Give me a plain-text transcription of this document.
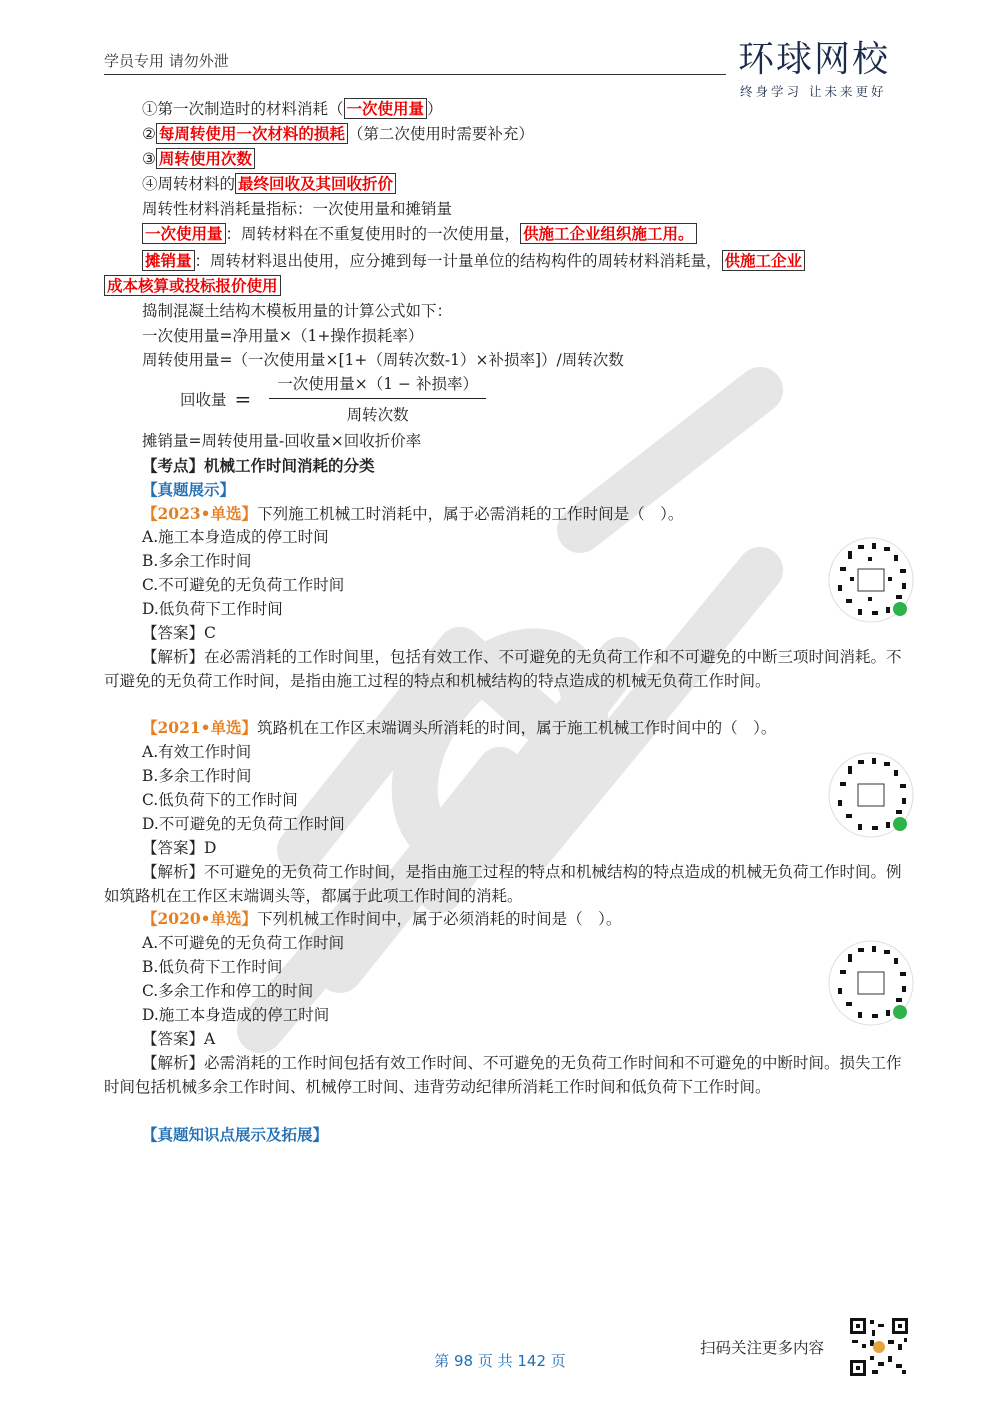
学员专用 请勿外泄	环球网校
终身学习 让未来更好
①第一次制造时的材料消耗（ 一次使用量 ）
② 每周转使用一次材料的损耗 （第二次使用时需要补充）
③ 周转使用次数
④周转材料的 最终回收及其回收折价
周转性材料消耗量指标：一次使用量和摊销量
一次使用量 ：周转材料在不重复使用时的一次使用量， 供施工企业组织施工用。
摊销量 ：周转材料退出使用，应分摊到每一计量单位的结构构件的周转材料消耗量， 供施工企业
成本核算或投标报价使用
捣制混凝土结构木模板用量的计算公式如下：
一次使用量=净用量×（1+操作损耗率）
周转使用量=（一次使用量×[1+（周转次数-1）×补损率]）/周转次数
回收量 = $\frac{\text{一次使用量×（1 − 补损率）}}{\text{周转次数}}$
摊销量=周转使用量-回收量×回收折价率
【考点】机械工作时间消耗的分类
【真题展示】
【2023•单选】下列施工机械工时消耗中，属于必需消耗的工作时间是（　）。
A.施工本身造成的停工时间
B.多余工作时间
C.不可避免的无负荷工作时间
D.低负荷下工作时间
【答案】C
【解析】在必需消耗的工作时间里，包括有效工作、不可避免的无负荷工作和不可避免的中断三项时间消耗。不可避免的无负荷工作时间，是指由施工过程的特点和机械结构的特点造成的机械无负荷工作时间。
【2021•单选】筑路机在工作区末端调头所消耗的时间，属于施工机械工作时间中的（　）。
A.有效工作时间
B.多余工作时间
C.低负荷下的工作时间
D.不可避免的无负荷工作时间
【答案】D
【解析】不可避免的无负荷工作时间，是指由施工过程的特点和机械结构的特点造成的机械无负荷工作时间。例如筑路机在工作区末端调头等，都属于此项工作时间的消耗。
【2020•单选】下列机械工作时间中，属于必须消耗的时间是（　）。
A.不可避免的无负荷工作时间
B.低负荷下工作时间
C.多余工作和停工的时间
D.施工本身造成的停工时间
【答案】A
【解析】必需消耗的工作时间包括有效工作时间、不可避免的无负荷工作时间和不可避免的中断时间。损失工作时间包括机械多余工作时间、机械停工时间、违背劳动纪律所消耗工作时间和低负荷下工作时间。
【真题知识点展示及拓展】
扫码关注更多内容
第 98 页 共 142 页
